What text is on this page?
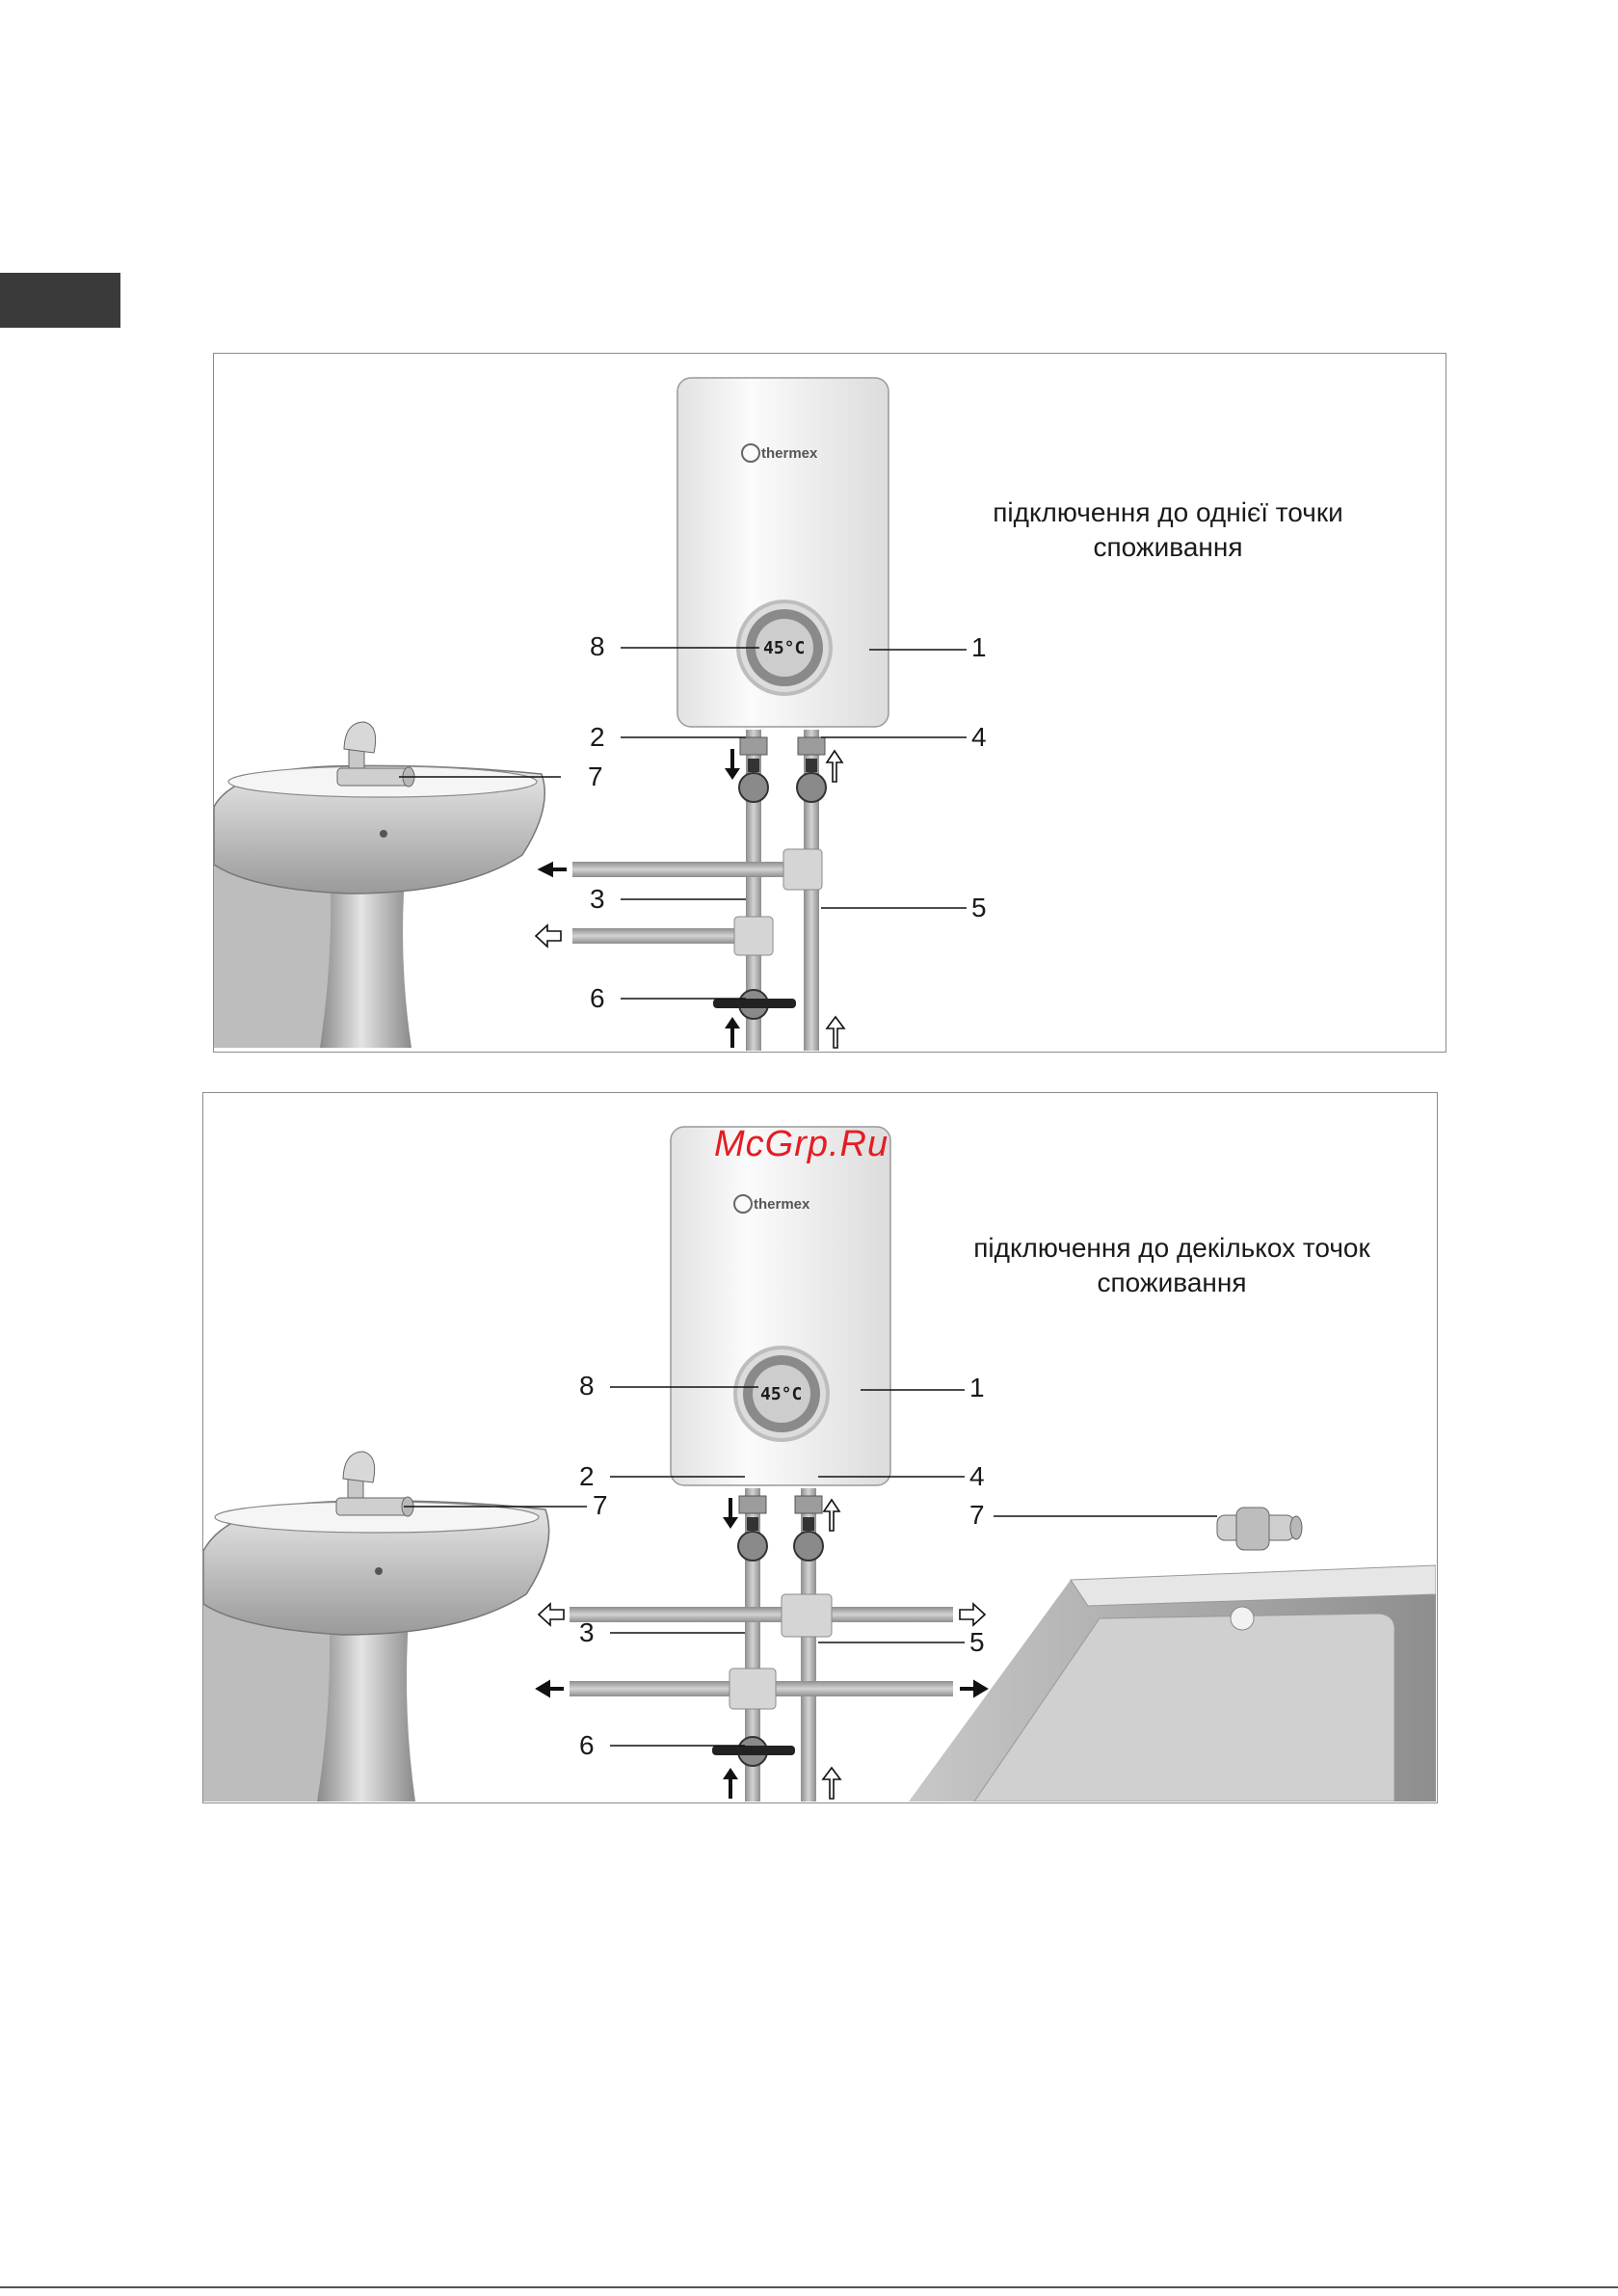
thermex
45°C
підключення до однієї точки
споживання
8	1
2	4
7
3	5
6
thermex
45°C
підключення до декількох точок
споживання
8	1
2	4
7	7
3	5
6
McGrp.Ru
